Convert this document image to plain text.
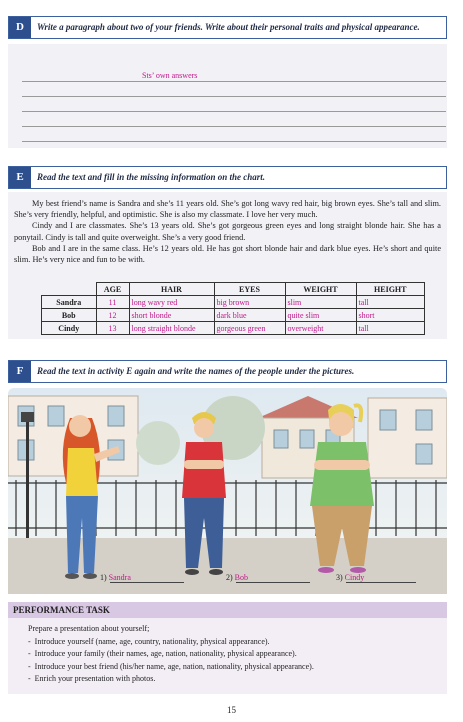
D	Write a paragraph about two of your friends. Write about their personal traits and physical appearance.
Sts’ own answers
E	Read the text and fill in the missing information on the chart.

My best friend’s name is Sandra and she’s 11 years old. She’s got long wavy red hair, big brown eyes. She’s tall and slim. She’s very friendly, helpful, and optimistic. She is also my classmate. I love her very much.

Cindy and I are classmates. She’s 13 years old. She’s got gorgeous green eyes and long straight blonde hair. She has a ponytail. Cindy is tall and quite overweight. She’s a very good friend.

Bob and I are in the same class. He’s 12 years old. He has got short blonde hair and dark blue eyes. He’s short and quite slim. He’s very nice and fun to be with.

	AGE	HAIR	EYES	WEIGHT	HEIGHT
Sandra	11	long wavy red	big brown	slim	tall
Bob	12	short blonde	dark blue	quite slim	short
Cindy	13	long straight blonde	gorgeous green	overweight	tall
F	Read the text in activity E again and write the names of the people under the pictures.
1) Sandra	2) Bob	3) Cindy
PERFORMANCE TASK
Prepare a presentation about yourself;
-  Introduce yourself (name, age, country, nationality, physical appearance).
-  Introduce your family (their names, age, nation, nationality, physical appearance).
-  Introduce your best friend (his/her name, age, nation, nationality, physical appearance).
-  Enrich your presentation with photos.
15
